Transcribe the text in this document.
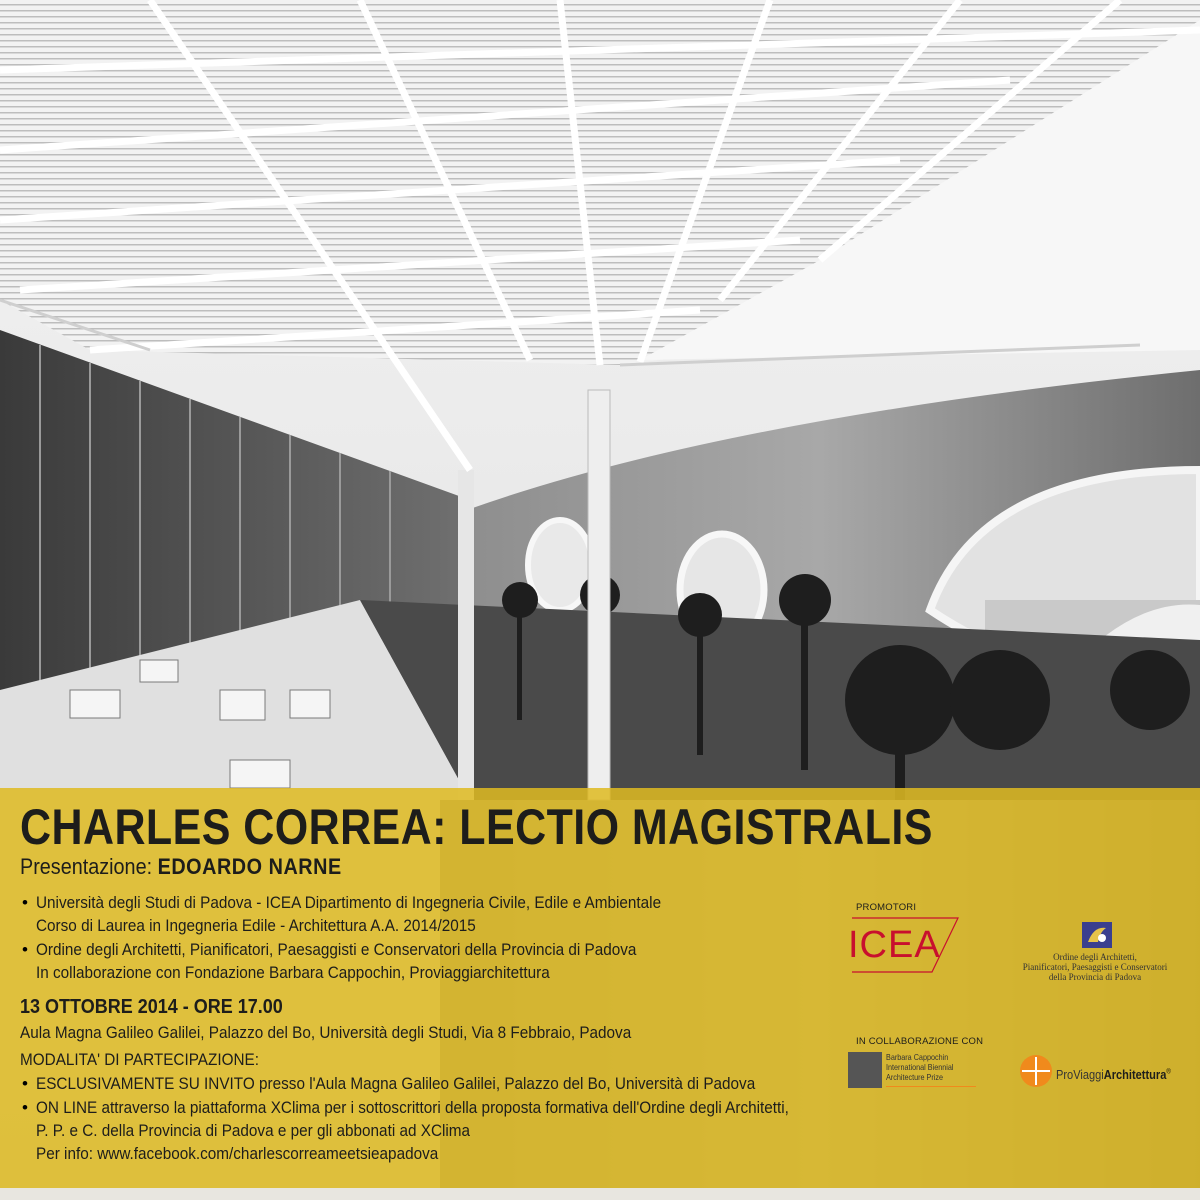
CHARLES CORREA: LECTIO MAGISTRALIS
Presentazione: EDOARDO NARNE
• Università degli Studi di Padova - ICEA Dipartimento di Ingegneria Civile, Edile e Ambientale
Corso di Laurea in Ingegneria Edile - Architettura A.A. 2014/2015
• Ordine degli Architetti, Pianificatori, Paesaggisti e Conservatori della Provincia di Padova
In collaborazione con Fondazione Barbara Cappochin, Proviaggiarchitettura
13 OTTOBRE 2014 - ORE 17.00
Aula Magna Galileo Galilei, Palazzo del Bo, Università degli Studi, Via 8 Febbraio, Padova
MODALITA' DI PARTECIPAZIONE:
• ESCLUSIVAMENTE SU INVITO presso l'Aula Magna Galileo Galilei, Palazzo del Bo, Università di Padova
• ON LINE attraverso la piattaforma XClima per i sottoscrittori della proposta formativa dell'Ordine degli Architetti,
P. P. e C. della Provincia di Padova e per gli abbonati ad XClima
Per info: www.facebook.com/charlescorreameetsieapadova
PROMOTORI
ICEA	Ordine degli Architetti,
Pianificatori, Paesaggisti e Conservatori
della Provincia di Padova
IN COLLABORAZIONE CON
Barbara Cappochin
International Biennial
Architecture Prize	ProViaggiArchitettura®
